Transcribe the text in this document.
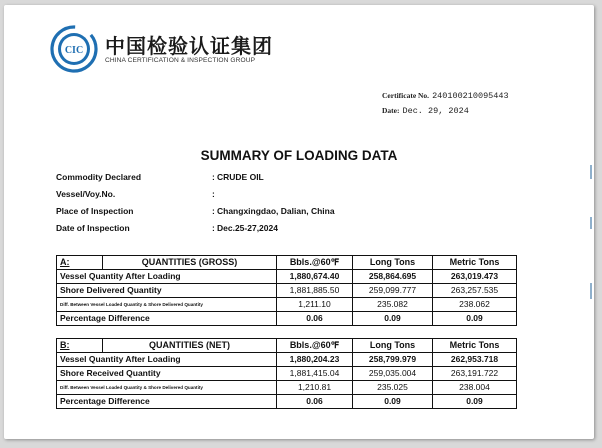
CIC 中国检验认证集团
CHINA CERTIFICATION & INSPECTION GROUP
Certificate No. 240100210095443
Date: Dec. 29, 2024
SUMMARY OF LOADING DATA
Commodity Declared	: CRUDE OIL
Vessel/Voy.No.	:
Place of Inspection	: Changxingdao, Dalian, China
Date of Inspection	: Dec.25-27,2024
A:	QUANTITIES (GROSS)	Bbls.@60℉	Long Tons	Metric Tons
Vessel Quantity After Loading		1,880,674.40	258,864.695	263,019.473
Shore Delivered Quantity		1,881,885.50	259,099.777	263,257.535
Diff. Between Vessel Loaded Quantity & Shore Delivered Quantity		1,211.10	235.082	238.062
Percentage Difference		0.06	0.09	0.09
B:	QUANTITIES (NET)	Bbls.@60℉	Long Tons	Metric Tons
Vessel Quantity After Loading		1,880,204.23	258,799.979	262,953.718
Shore Received Quantity		1,881,415.04	259,035.004	263,191.722
Diff. Between Vessel Loaded Quantity & Shore Delivered Quantity		1,210.81	235.025	238.004
Percentage Difference		0.06	0.09	0.09
